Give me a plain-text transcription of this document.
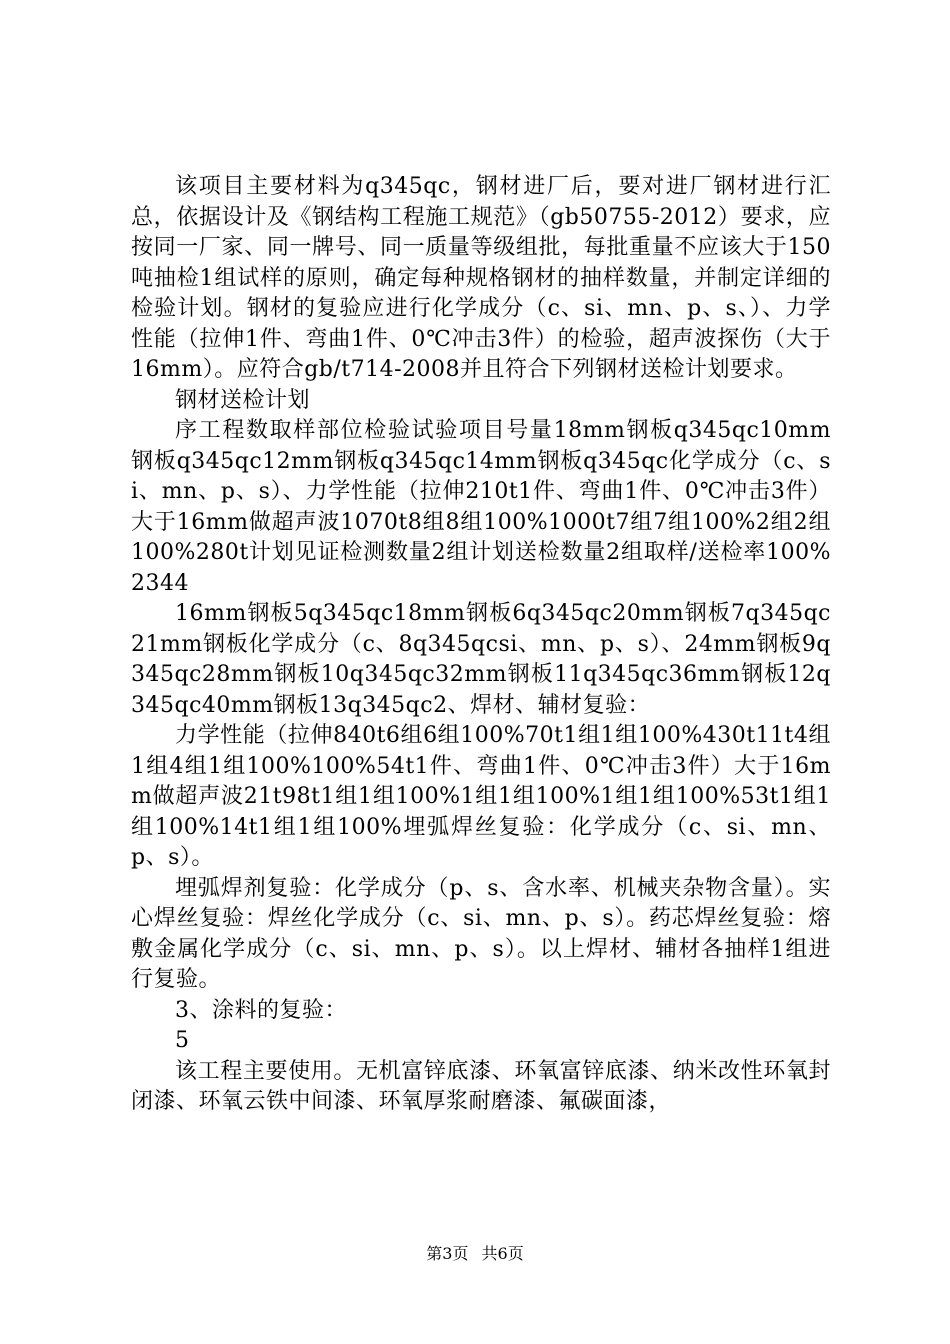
该项目主要材料为q345qc，钢材进厂后，要对进厂钢材进行汇总，依据设计及《钢结构工程施工规范》（gb50755-2012）要求，应按同一厂家、同一牌号、同一质量等级组批，每批重量不应该大于150吨抽检1组试样的原则，确定每种规格钢材的抽样数量，并制定详细的检验计划。钢材的复验应进行化学成分（c、si、mn、p、s、）、力学性能（拉伸1件、弯曲1件、0℃冲击3件）的检验，超声波探伤（大于16mm）。应符合gb/t714-2008并且符合下列钢材送检计划要求。

钢材送检计划

序工程数取样部位检验试验项目号量18mm钢板q345qc10mm钢板q345qc12mm钢板q345qc14mm钢板q345qc化学成分（c、si、mn、p、s）、力学性能（拉伸210t1件、弯曲1件、0℃冲击3件）大于16mm做超声波1070t8组8组100%1000t7组7组100%2组2组100%280t计划见证检测数量2组计划送检数量2组取样/送检率100%2344

16mm钢板5q345qc18mm钢板6q345qc20mm钢板7q345qc21mm钢板化学成分（c、8q345qcsi、mn、p、s）、24mm钢板9q345qc28mm钢板10q345qc32mm钢板11q345qc36mm钢板12q345qc40mm钢板13q345qc2、焊材、辅材复验：

力学性能（拉伸840t6组6组100%70t1组1组100%430t11t4组1组4组1组100%100%54t1件、弯曲1件、0℃冲击3件）大于16mm做超声波21t98t1组1组100%1组1组100%1组1组100%53t1组1组100%14t1组1组100%埋弧焊丝复验：化学成分（c、si、mn、p、s）。

埋弧焊剂复验：化学成分（p、s、含水率、机械夹杂物含量）。实心焊丝复验：焊丝化学成分（c、si、mn、p、s）。药芯焊丝复验：熔敷金属化学成分（c、si、mn、p、s）。以上焊材、辅材各抽样1组进行复验。

3、涂料的复验：

5

该工程主要使用。无机富锌底漆、环氧富锌底漆、纳米改性环氧封闭漆、环氧云铁中间漆、环氧厚浆耐磨漆、氟碳面漆，

第3页 共6页
